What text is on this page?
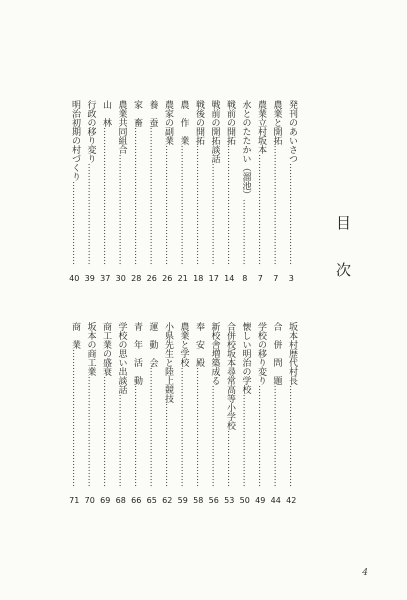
目次
発刊のあいさつ ……………………………………………………………
3
農業と開拓 ……………………………………………………………
7
農業立村坂本 ……………………………………………………………
7
水とのたたかい（溜池） ……………………………………………………………
8
戦前の開拓 ……………………………………………………………
14
戦前の開拓談話 ……………………………………………………………
17
戦後の開拓 ……………………………………………………………
18
農　作　業 ……………………………………………………………
21
農家の副業 ……………………………………………………………
26
養　蚕 ……………………………………………………………
26
家　畜 ……………………………………………………………
28
農業共同組合 ……………………………………………………………
30
山　林 ……………………………………………………………
37
行政の移り変り ……………………………………………………………
39
明治初期の村づくり ……………………………………………………………
40
坂本村歴代村長 ……………………………………………………………
42
合　併　問　題 ……………………………………………………………
44
学校の移り変り ……………………………………………………………
49
懐しい明治の学校 ……………………………………………………………
50
合併校坂本尋常高等小学校 ……………………………………………………………
53
新校舎増築成る ……………………………………………………………
56
奉　安　殿 ……………………………………………………………
58
農業と学校 ……………………………………………………………
59
小県先生と陸上競技 ……………………………………………………………
62
運　動　会 ……………………………………………………………
65
青　年　活　動 ……………………………………………………………
66
学校の思い出談話 ……………………………………………………………
68
商工業の盛衰 ……………………………………………………………
69
坂本の商工業 ……………………………………………………………
70
商　業 ……………………………………………………………
71
4
